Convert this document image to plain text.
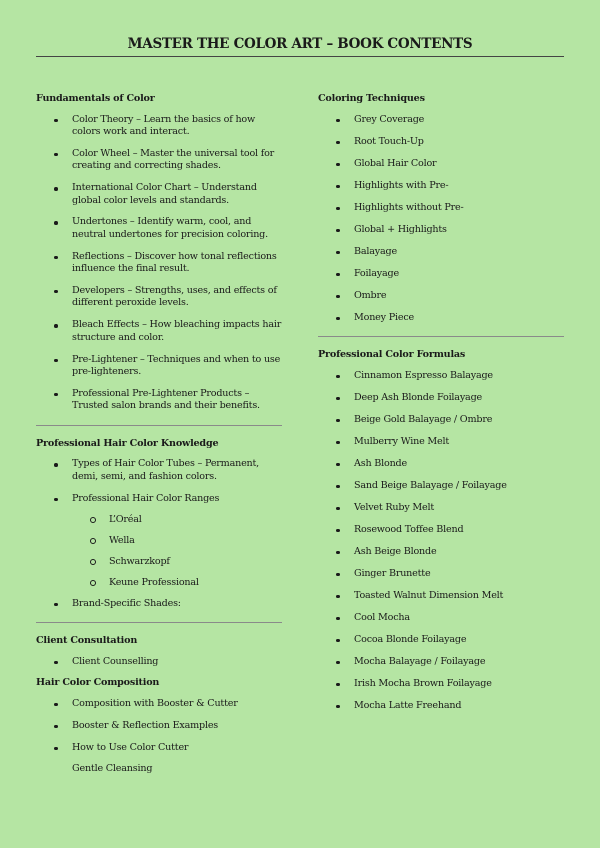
MASTER THE COLOR ART – BOOK CONTENTS
Fundamentals of Color
Color Theory – Learn the basics of how colors work and interact.
Color Wheel – Master the universal tool for creating and correcting shades.
International Color Chart – Understand global color levels and standards.
Undertones – Identify warm, cool, and neutral undertones for precision coloring.
Reflections – Discover how tonal reflections influence the final result.
Developers – Strengths, uses, and effects of different peroxide levels.
Bleach Effects – How bleaching impacts hair structure and color.
Pre-Lightener – Techniques and when to use pre-lighteners.
Professional Pre-Lightener Products – Trusted salon brands and their benefits.
Professional Hair Color Knowledge
Types of Hair Color Tubes – Permanent, demi, semi, and fashion colors.
Professional Hair Color Ranges
L’Oréal
Wella
Schwarzkopf
Keune Professional
Brand-Specific Shades:
Client Consultation
Client Counselling
Hair Color Composition
Composition with Booster & Cutter
Booster & Reflection Examples
How to Use Color Cutter
Gentle Cleansing
Coloring Techniques
Grey Coverage
Root Touch-Up
Global Hair Color
Highlights with Pre-
Highlights without Pre-
Global + Highlights
Balayage
Foilayage
Ombre
Money Piece
Professional Color Formulas
Cinnamon Espresso Balayage
Deep Ash Blonde Foilayage
Beige Gold Balayage / Ombre
Mulberry Wine Melt
Ash Blonde
Sand Beige Balayage / Foilayage
Velvet Ruby Melt
Rosewood Toffee Blend
Ash Beige Blonde
Ginger Brunette
Toasted Walnut Dimension Melt
Cool Mocha
Cocoa Blonde Foilayage
Mocha Balayage / Foilayage
Irish Mocha Brown Foilayage
Mocha Latte Freehand
